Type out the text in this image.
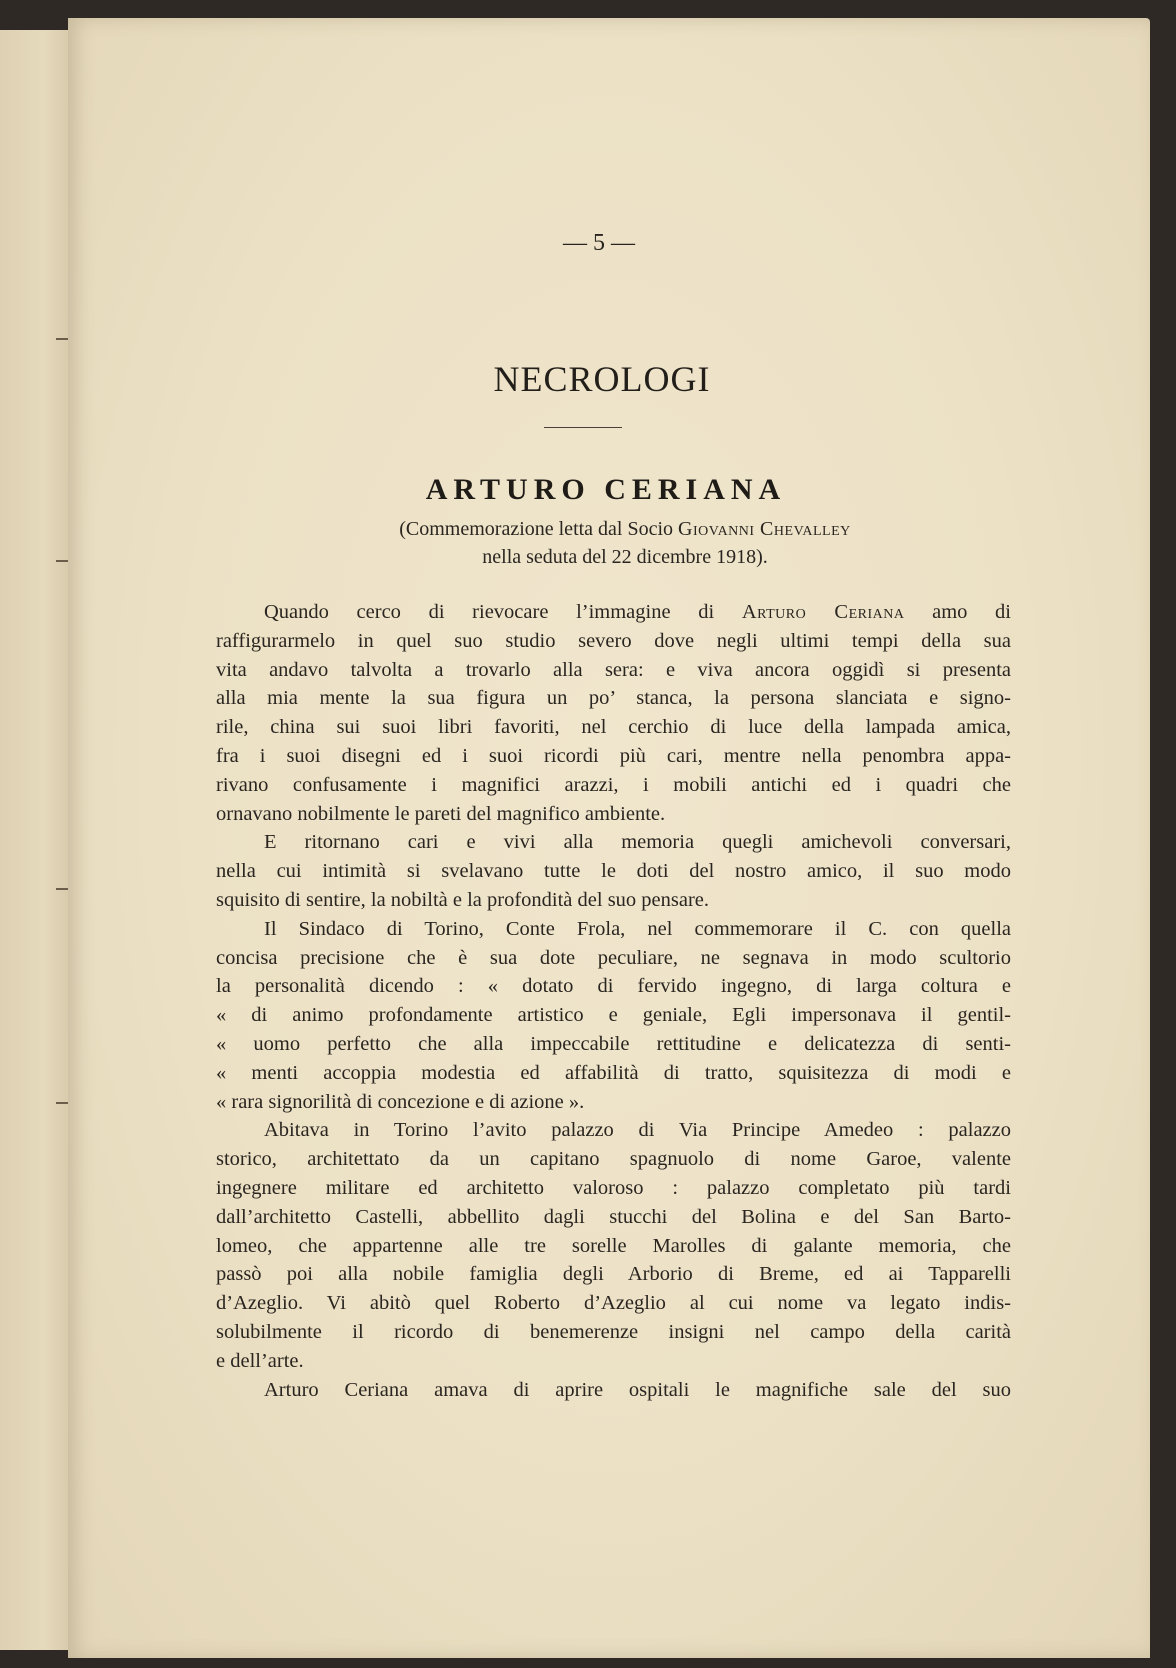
— 5 —
NECROLOGI
ARTURO CERIANA
(Commemorazione letta dal Socio Giovanni Chevalley
nella seduta del 22 dicembre 1918).
Quando cerco di rievocare l’immagine di Arturo Ceriana amo di
raffigurarmelo in quel suo studio severo dove negli ultimi tempi della sua
vita andavo talvolta a trovarlo alla sera: e viva ancora oggidì si presenta
alla mia mente la sua figura un po’ stanca, la persona slanciata e signo-
rile, china sui suoi libri favoriti, nel cerchio di luce della lampada amica,
fra i suoi disegni ed i suoi ricordi più cari, mentre nella penombra appa-
rivano confusamente i magnifici arazzi, i mobili antichi ed i quadri che
ornavano nobilmente le pareti del magnifico ambiente.
E ritornano cari e vivi alla memoria quegli amichevoli conversari,
nella cui intimità si svelavano tutte le doti del nostro amico, il suo modo
squisito di sentire, la nobiltà e la profondità del suo pensare.
Il Sindaco di Torino, Conte Frola, nel commemorare il C. con quella
concisa precisione che è sua dote peculiare, ne segnava in modo scultorio
la personalità dicendo : « dotato di fervido ingegno, di larga coltura e
« di animo profondamente artistico e geniale, Egli impersonava il gentil-
« uomo perfetto che alla impeccabile rettitudine e delicatezza di senti-
« menti accoppia modestia ed affabilità di tratto, squisitezza di modi e
« rara signorilità di concezione e di azione ».
Abitava in Torino l’avito palazzo di Via Principe Amedeo : palazzo
storico, architettato da un capitano spagnuolo di nome Garoe, valente
ingegnere militare ed architetto valoroso : palazzo completato più tardi
dall’architetto Castelli, abbellito dagli stucchi del Bolina e del San Barto-
lomeo, che appartenne alle tre sorelle Marolles di galante memoria, che
passò poi alla nobile famiglia degli Arborio di Breme, ed ai Tapparelli
d’Azeglio. Vi abitò quel Roberto d’Azeglio al cui nome va legato indis-
solubilmente il ricordo di benemerenze insigni nel campo della carità
e dell’arte.
Arturo Ceriana amava di aprire ospitali le magnifiche sale del suo
